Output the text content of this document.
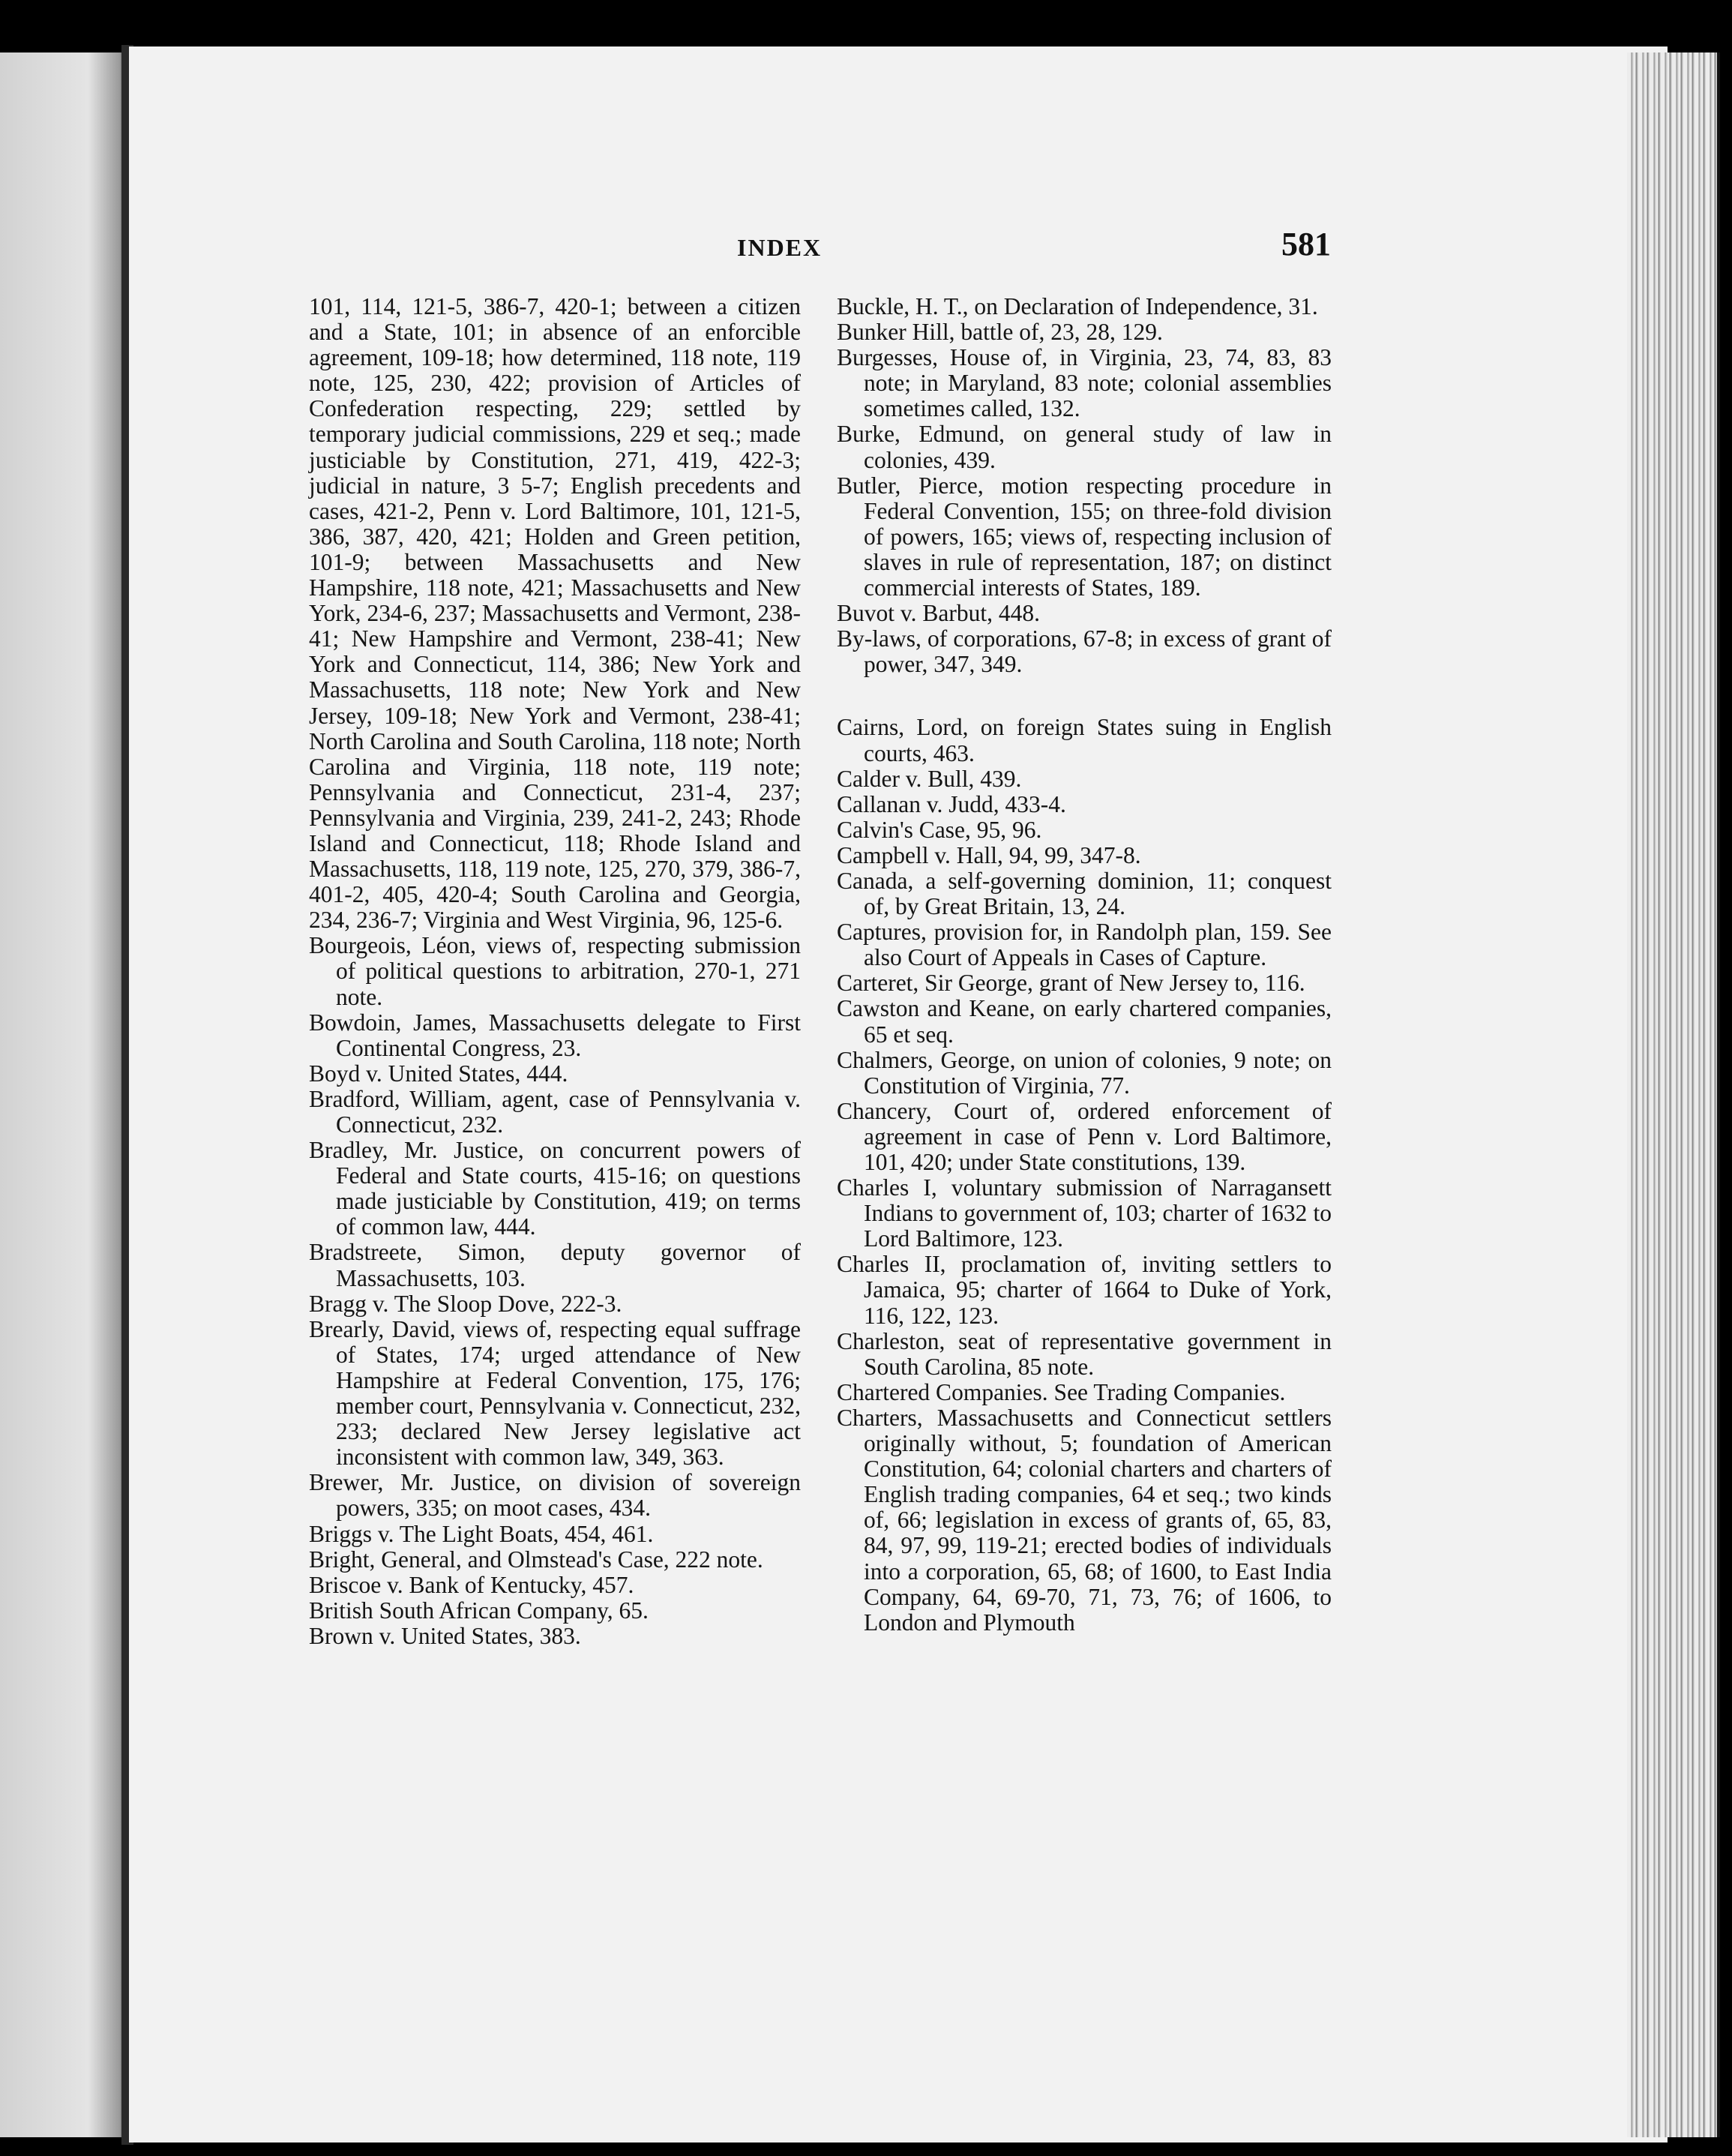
INDEX	581

101, 114, 121-5, 386-7, 420-1; between a citizen and a State, 101; in absence of an enforcible agreement, 109-18; how determined, 118 note, 119 note, 125, 230, 422; provision of Articles of Confederation respecting, 229; settled by temporary judicial commissions, 229 et seq.; made justiciable by Constitution, 271, 419, 422-3; judicial in nature, 3 5-7; English precedents and cases, 421-2, Penn v. Lord Baltimore, 101, 121-5, 386, 387, 420, 421; Holden and Green petition, 101-9; between Massachusetts and New Hampshire, 118 note, 421; Massachusetts and New York, 234-6, 237; Massachusetts and Vermont, 238-41; New Hampshire and Vermont, 238-41; New York and Connecticut, 114, 386; New York and Massachusetts, 118 note; New York and New Jersey, 109-18; New York and Vermont, 238-41; North Carolina and South Carolina, 118 note; North Carolina and Virginia, 118 note, 119 note; Pennsylvania and Connecticut, 231-4, 237; Pennsylvania and Virginia, 239, 241-2, 243; Rhode Island and Connecticut, 118; Rhode Island and Massachusetts, 118, 119 note, 125, 270, 379, 386-7, 401-2, 405, 420-4; South Carolina and Georgia, 234, 236-7; Virginia and West Virginia, 96, 125-6.

Bourgeois, Léon, views of, respecting submission of political questions to arbitration, 270-1, 271 note.

Bowdoin, James, Massachusetts delegate to First Continental Congress, 23.

Boyd v. United States, 444.

Bradford, William, agent, case of Pennsylvania v. Connecticut, 232.

Bradley, Mr. Justice, on concurrent powers of Federal and State courts, 415-16; on questions made justiciable by Constitution, 419; on terms of common law, 444.

Bradstreete, Simon, deputy governor of Massachusetts, 103.

Bragg v. The Sloop Dove, 222-3.

Brearly, David, views of, respecting equal suffrage of States, 174; urged attendance of New Hampshire at Federal Convention, 175, 176; member court, Pennsylvania v. Connecticut, 232, 233; declared New Jersey legislative act inconsistent with common law, 349, 363.

Brewer, Mr. Justice, on division of sovereign powers, 335; on moot cases, 434.

Briggs v. The Light Boats, 454, 461.

Bright, General, and Olmstead's Case, 222 note.

Briscoe v. Bank of Kentucky, 457.

British South African Company, 65.

Brown v. United States, 383.

Buckle, H. T., on Declaration of Independence, 31.

Bunker Hill, battle of, 23, 28, 129.

Burgesses, House of, in Virginia, 23, 74, 83, 83 note; in Maryland, 83 note; colonial assemblies sometimes called, 132.

Burke, Edmund, on general study of law in colonies, 439.

Butler, Pierce, motion respecting procedure in Federal Convention, 155; on three-fold division of powers, 165; views of, respecting inclusion of slaves in rule of representation, 187; on distinct commercial interests of States, 189.

Buvot v. Barbut, 448.

By-laws, of corporations, 67-8; in excess of grant of power, 347, 349.

Cairns, Lord, on foreign States suing in English courts, 463.

Calder v. Bull, 439.

Callanan v. Judd, 433-4.

Calvin's Case, 95, 96.

Campbell v. Hall, 94, 99, 347-8.

Canada, a self-governing dominion, 11; conquest of, by Great Britain, 13, 24.

Captures, provision for, in Randolph plan, 159. See also Court of Appeals in Cases of Capture.

Carteret, Sir George, grant of New Jersey to, 116.

Cawston and Keane, on early chartered companies, 65 et seq.

Chalmers, George, on union of colonies, 9 note; on Constitution of Virginia, 77.

Chancery, Court of, ordered enforcement of agreement in case of Penn v. Lord Baltimore, 101, 420; under State constitutions, 139.

Charles I, voluntary submission of Narragansett Indians to government of, 103; charter of 1632 to Lord Baltimore, 123.

Charles II, proclamation of, inviting settlers to Jamaica, 95; charter of 1664 to Duke of York, 116, 122, 123.

Charleston, seat of representative government in South Carolina, 85 note.

Chartered Companies. See Trading Companies.

Charters, Massachusetts and Connecticut settlers originally without, 5; foundation of American Constitution, 64; colonial charters and charters of English trading companies, 64 et seq.; two kinds of, 66; legislation in excess of grants of, 65, 83, 84, 97, 99, 119-21; erected bodies of individuals into a corporation, 65, 68; of 1600, to East India Company, 64, 69-70, 71, 73, 76; of 1606, to London and Plymouth
